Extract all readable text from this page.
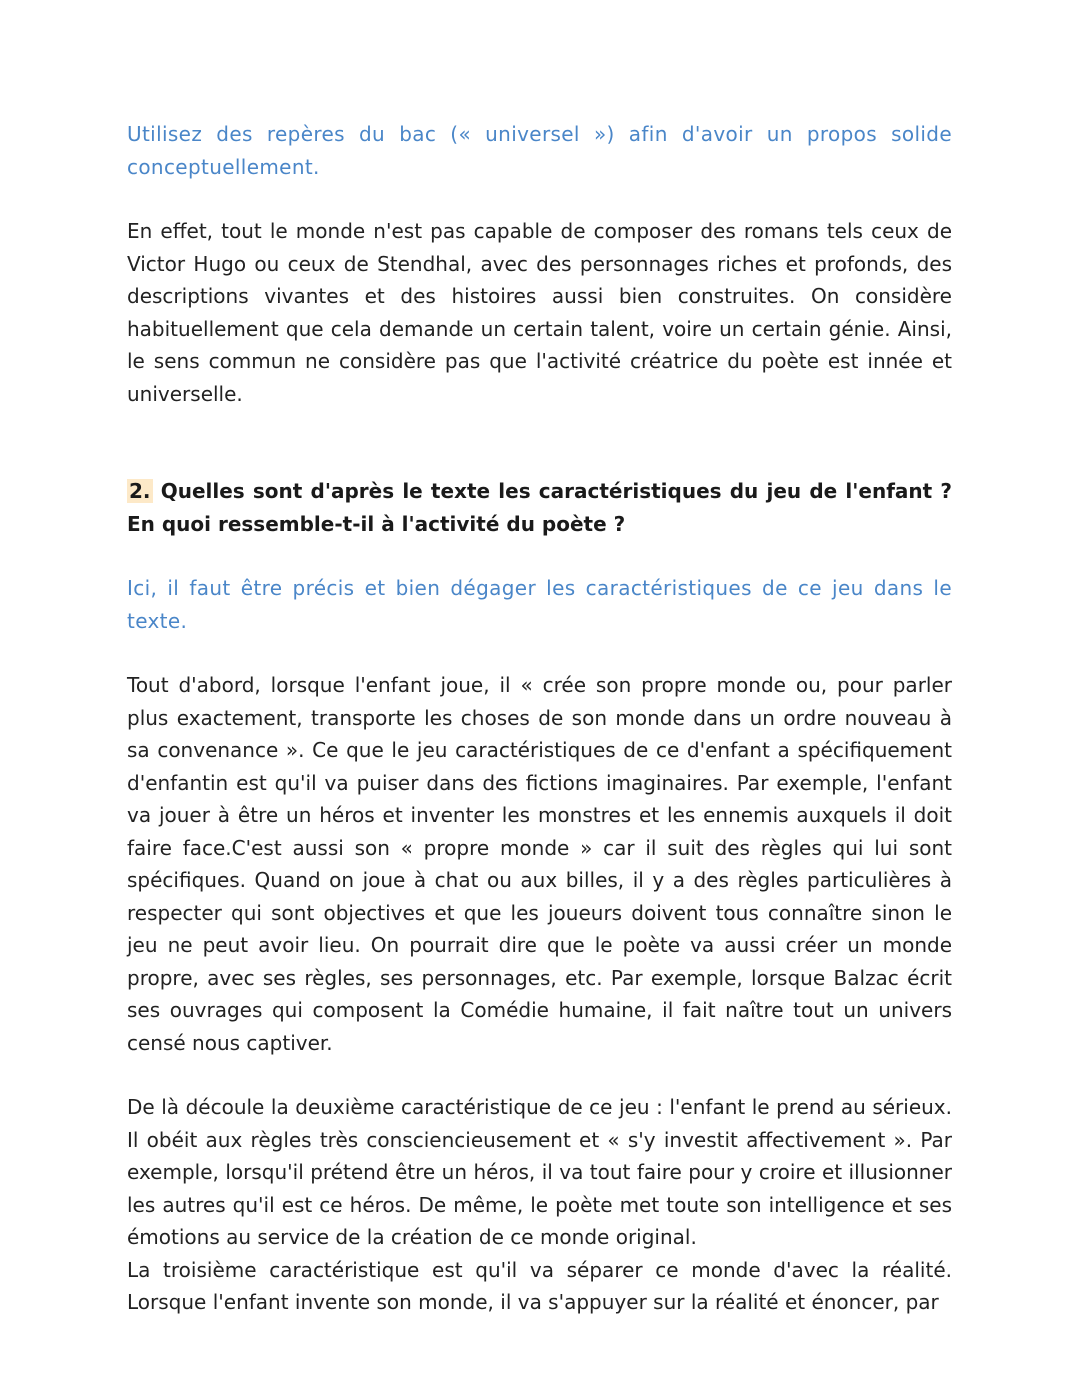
Utilisez des repères du bac (« universel ») afin d'avoir un propos solide conceptuellement.

En effet, tout le monde n'est pas capable de composer des romans tels ceux de Victor Hugo ou ceux de Stendhal, avec des personnages riches et profonds, des descriptions vivantes et des histoires aussi bien construites. On considère habituellement que cela demande un certain talent, voire un certain génie. Ainsi, le sens commun ne considère pas que l'activité créatrice du poète est innée et universelle.

2. Quelles sont d'après le texte les caractéristiques du jeu de l'enfant ? En quoi ressemble-t-il à l'activité du poète ?

Ici, il faut être précis et bien dégager les caractéristiques de ce jeu dans le texte.

Tout d'abord, lorsque l'enfant joue, il « crée son propre monde ou, pour parler plus exactement, transporte les choses de son monde dans un ordre nouveau à sa convenance ». Ce que le jeu caractéristiques de ce d'enfant a spécifiquement d'enfantin est qu'il va puiser dans des fictions imaginaires. Par exemple, l'enfant va jouer à être un héros et inventer les monstres et les ennemis auxquels il doit faire face.C'est aussi son « propre monde » car il suit des règles qui lui sont spécifiques. Quand on joue à chat ou aux billes, il y a des règles particulières à respecter qui sont objectives et que les joueurs doivent tous connaître sinon le jeu ne peut avoir lieu. On pourrait dire que le poète va aussi créer un monde propre, avec ses règles, ses personnages, etc. Par exemple, lorsque Balzac écrit ses ouvrages qui composent la Comédie humaine, il fait naître tout un univers censé nous captiver.

De là découle la deuxième caractéristique de ce jeu : l'enfant le prend au sérieux. Il obéit aux règles très consciencieusement et « s'y investit affectivement ». Par exemple, lorsqu'il prétend être un héros, il va tout faire pour y croire et illusionner les autres qu'il est ce héros. De même, le poète met toute son intelligence et ses émotions au service de la création de ce monde original.

La troisième caractéristique est qu'il va séparer ce monde d'avec la réalité. Lorsque l'enfant invente son monde, il va s'appuyer sur la réalité et énoncer, par
